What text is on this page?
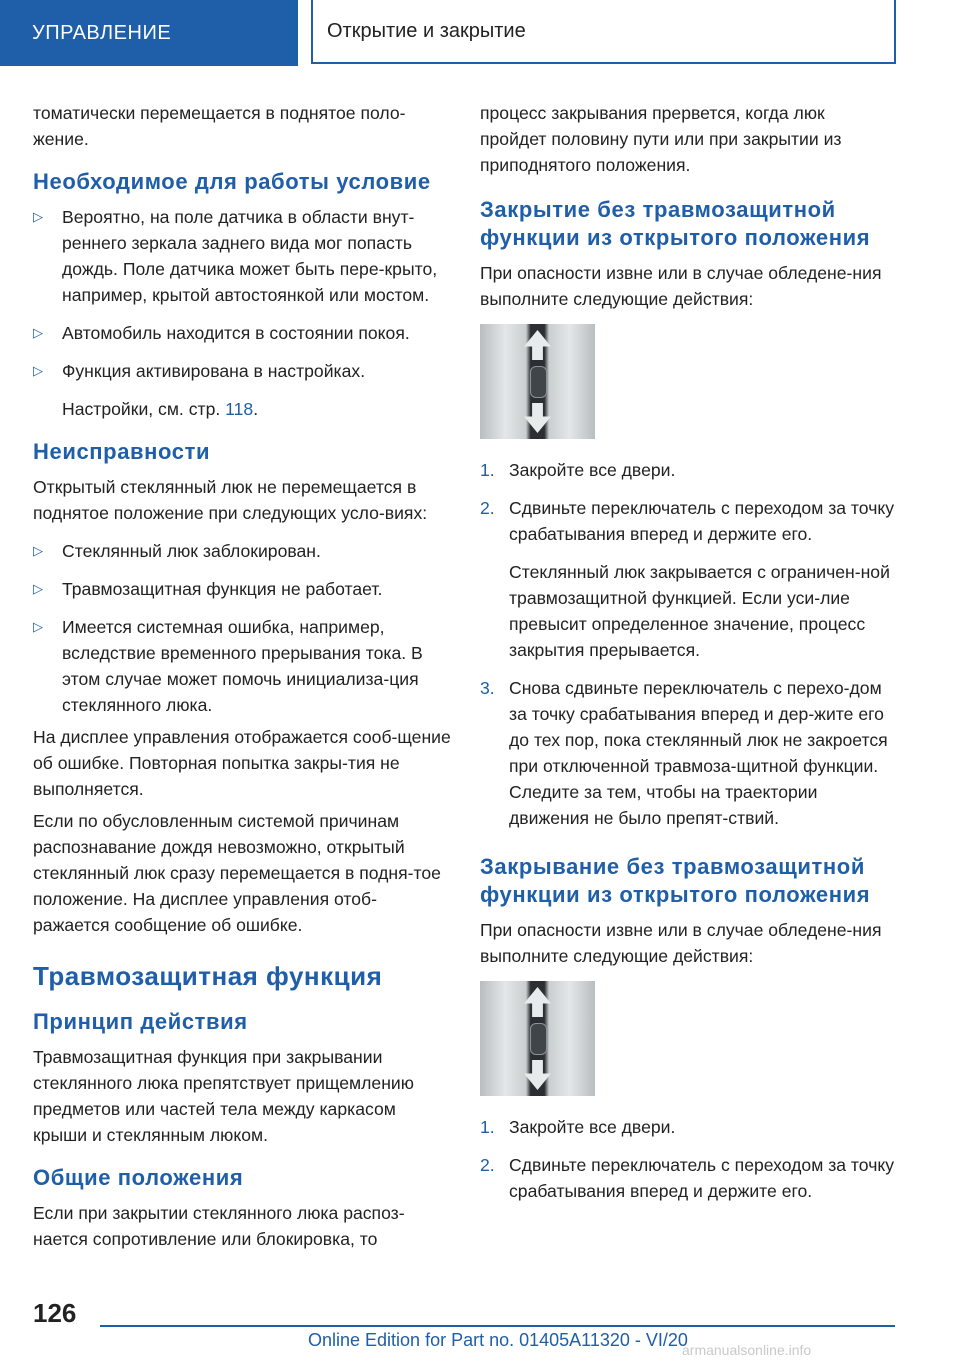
УПРАВЛЕНИЕ	Открытие и закрытие

томатически перемещается в поднятое поло-жение.

Необходимое для работы условие
▷ Вероятно, на поле датчика в области внут-реннего зеркала заднего вида мог попасть дождь. Поле датчика может быть пере-крыто, например, крытой автостоянкой или мостом.
▷ Автомобиль находится в состоянии покоя.
▷ Функция активирована в настройках.
Настройки, см. стр. 118.
Неисправности

Открытый стеклянный люк не перемещается в поднятое положение при следующих усло-виях:

▷ Стеклянный люк заблокирован.
▷ Травмозащитная функция не работает.
▷ Имеется системная ошибка, например, вследствие временного прерывания тока. В этом случае может помочь инициализа-ция стеклянного люка.

На дисплее управления отображается сооб-щение об ошибке. Повторная попытка закры-тия не выполняется.

Если по обусловленным системой причинам распознавание дождя невозможно, открытый стеклянный люк сразу перемещается в подня-тое положение. На дисплее управления отоб-ражается сообщение об ошибке.

Травмозащитная функция
Принцип действия

Травмозащитная функция при закрывании стеклянного люка препятствует прищемлению предметов или частей тела между каркасом крыши и стеклянным люком.

Общие положения

Если при закрытии стеклянного люка распоз-нается сопротивление или блокировка, то

процесс закрывания прервется, когда люк пройдет половину пути или при закрытии из приподнятого положения.

Закрытие без травмозащитной функции из открытого положения

При опасности извне или в случае обледене-ния выполните следующие действия:

1. Закройте все двери.
2. Сдвиньте переключатель с переходом за точку срабатывания вперед и держите его.
Стеклянный люк закрывается с ограничен-ной травмозащитной функцией. Если уси-лие превысит определенное значение, процесс закрытия прерывается.
3. Снова сдвиньте переключатель с перехо-дом за точку срабатывания вперед и дер-жите его до тех пор, пока стеклянный люк не закроется при отключенной травмоза-щитной функции. Следите за тем, чтобы на траектории движения не было препят-ствий.
Закрывание без травмозащитной функции из открытого положения

При опасности извне или в случае обледене-ния выполните следующие действия:

1. Закройте все двери.
2. Сдвиньте переключатель с переходом за точку срабатывания вперед и держите его.
126
Online Edition for Part no. 01405A11320 - VI/20
armanualsonline.info
